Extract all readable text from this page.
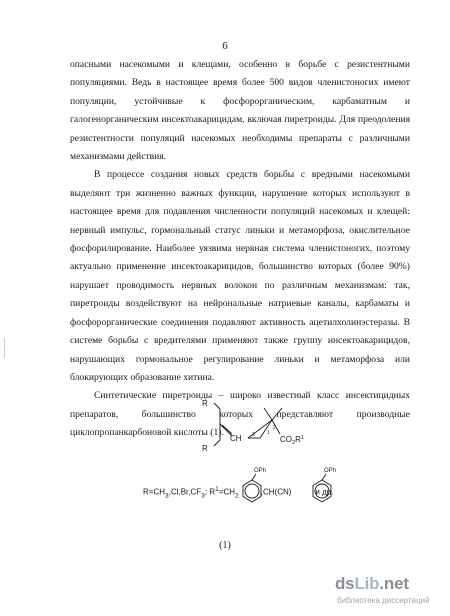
6

опасными насекомыми и клещами, особенно в борьбе с резистентными популяциями. Ведь в настоящее время более 500 видов членистоногих имеют популяции, устойчивые к фосфорорганическим, карбаматным и галогенорганическим инсектоакарицидам, включая пиретроиды. Для преодоления резистентности популяций насекомых необходимы препараты с различными механизмами действия.

В процессе создания новых средств борьбы с вредными насекомыми выделяют три жизненно важных функции, нарушение которых используют в настоящее время для подавления численности популяций насекомых и клещей: нервный импульс, гормональный статус линьки и метаморфоза, окислительное фосфорилирование. Наиболее уязвима нервная система членистоногих, поэтому актуально применение инсектоакарицидов, большинство которых (более 90%) нарушает проводимость нервных волокон по различным механизмам: так, пиретроиды воздействуют на нейрональные натриевые каналы, карбаматы и фосфорорганические соединения подавляют активность ацетилхолинэстеразы. В системе борьбы с вредителями применяют также группу инсектоакарицидов, нарушающих гормональное регулирование линьки и метаморфоза или блокирующих образование хитина.

Синтетические пиретроиды – широко известный класс инсектицидных препаратов, большинство которых представляют производные циклопропанкарбоновой кислоты (1).

R
R
CH
1
2
3	$CO_2R^1$
OPh	OPh
$R=CH_3,Cl,Br,CF_3$; $R^1=CH_2$	,CH(CN)	и др.
(1)
dsLib.net
библиотека диссертаций
